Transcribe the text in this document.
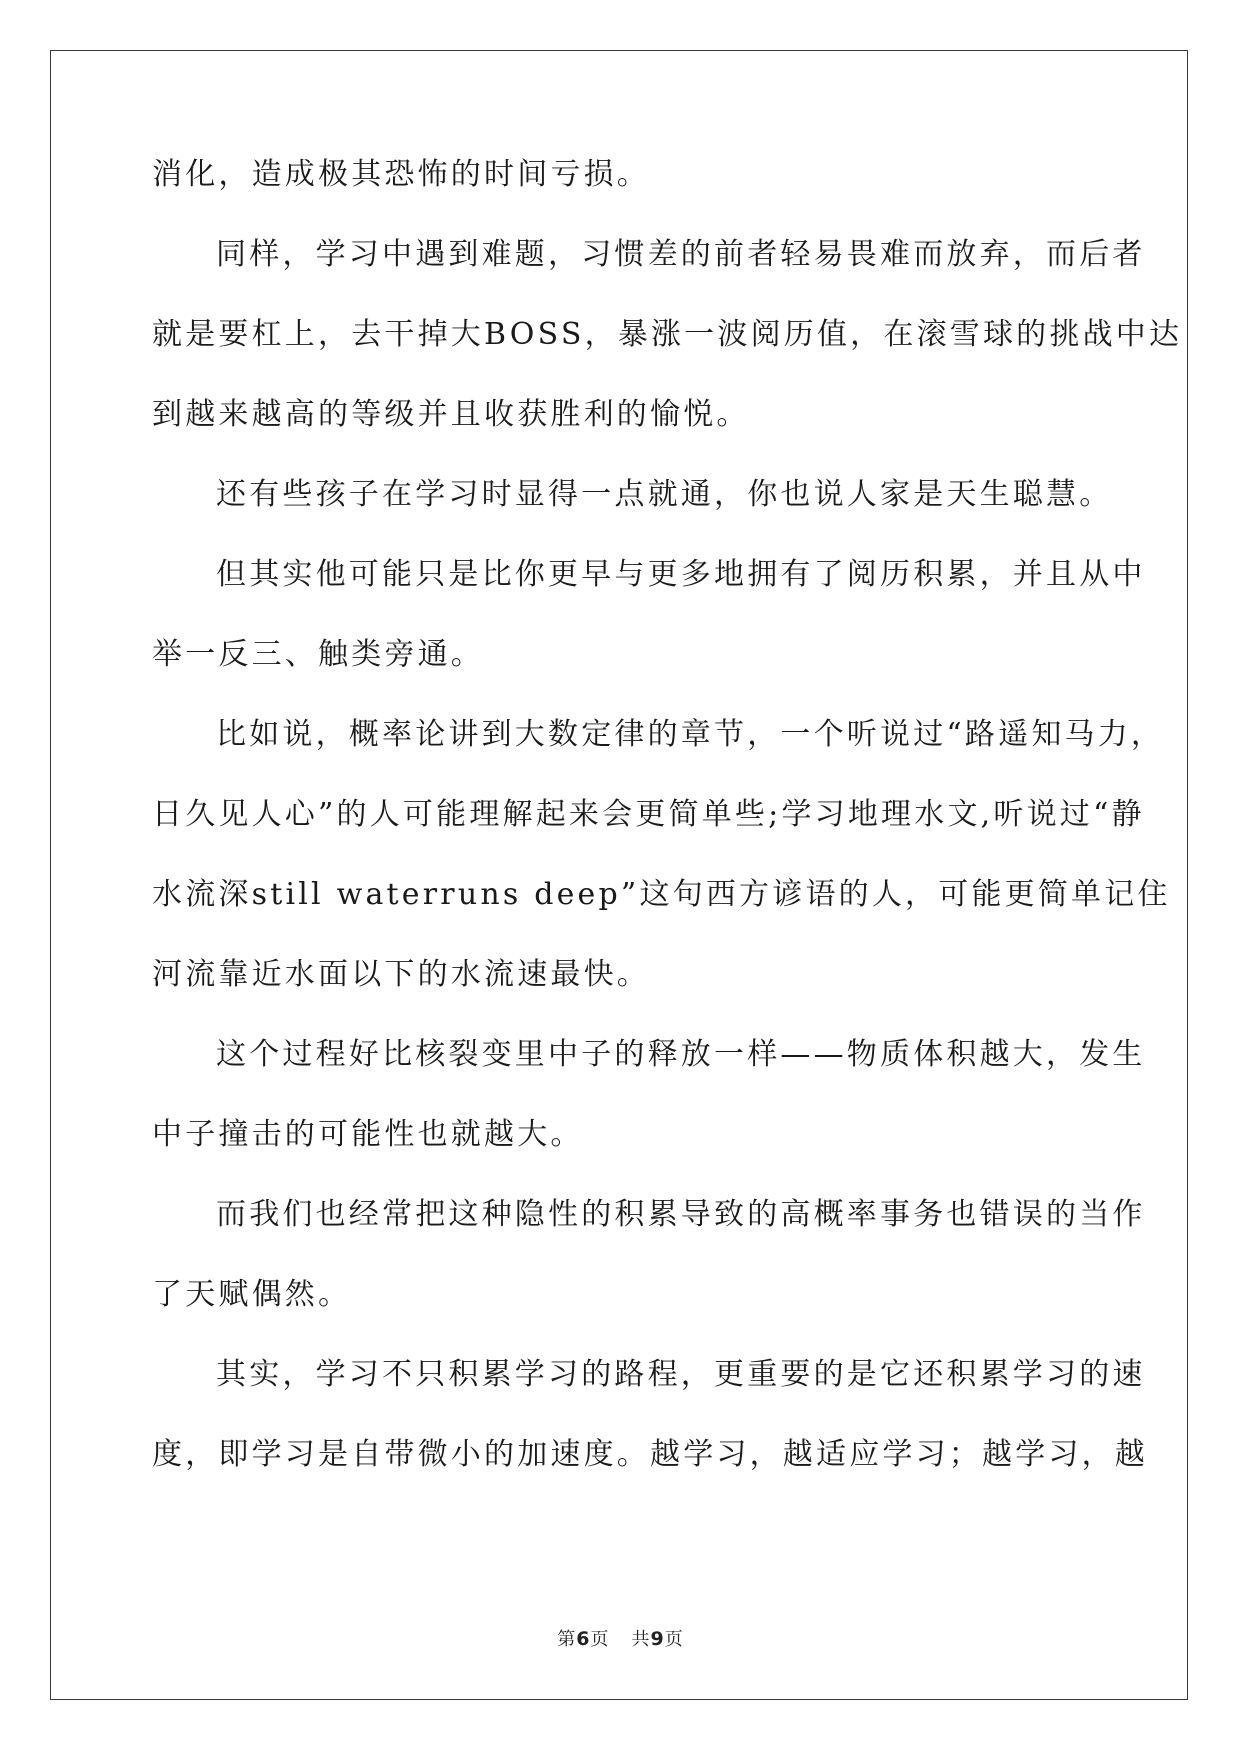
消化，造成极其恐怖的时间亏损。
同样，学习中遇到难题，习惯差的前者轻易畏难而放弃，而后者
就是要杠上，去干掉大BOSS，暴涨一波阅历值，在滚雪球的挑战中达
到越来越高的等级并且收获胜利的愉悦。
还有些孩子在学习时显得一点就通，你也说人家是天生聪慧。
但其实他可能只是比你更早与更多地拥有了阅历积累，并且从中
举一反三、触类旁通。
比如说，概率论讲到大数定律的章节，一个听说过“路遥知马力，
日久见人心”的人可能理解起来会更简单些;学习地理水文,听说过“静
水流深still waterruns deep”这句西方谚语的人，可能更简单记住
河流靠近水面以下的水流速最快。
这个过程好比核裂变里中子的释放一样——物质体积越大，发生
中子撞击的可能性也就越大。
而我们也经常把这种隐性的积累导致的高概率事务也错误的当作
了天赋偶然。
其实，学习不只积累学习的路程，更重要的是它还积累学习的速
度，即学习是自带微小的加速度。越学习，越适应学习；越学习，越
第6页 共9页
